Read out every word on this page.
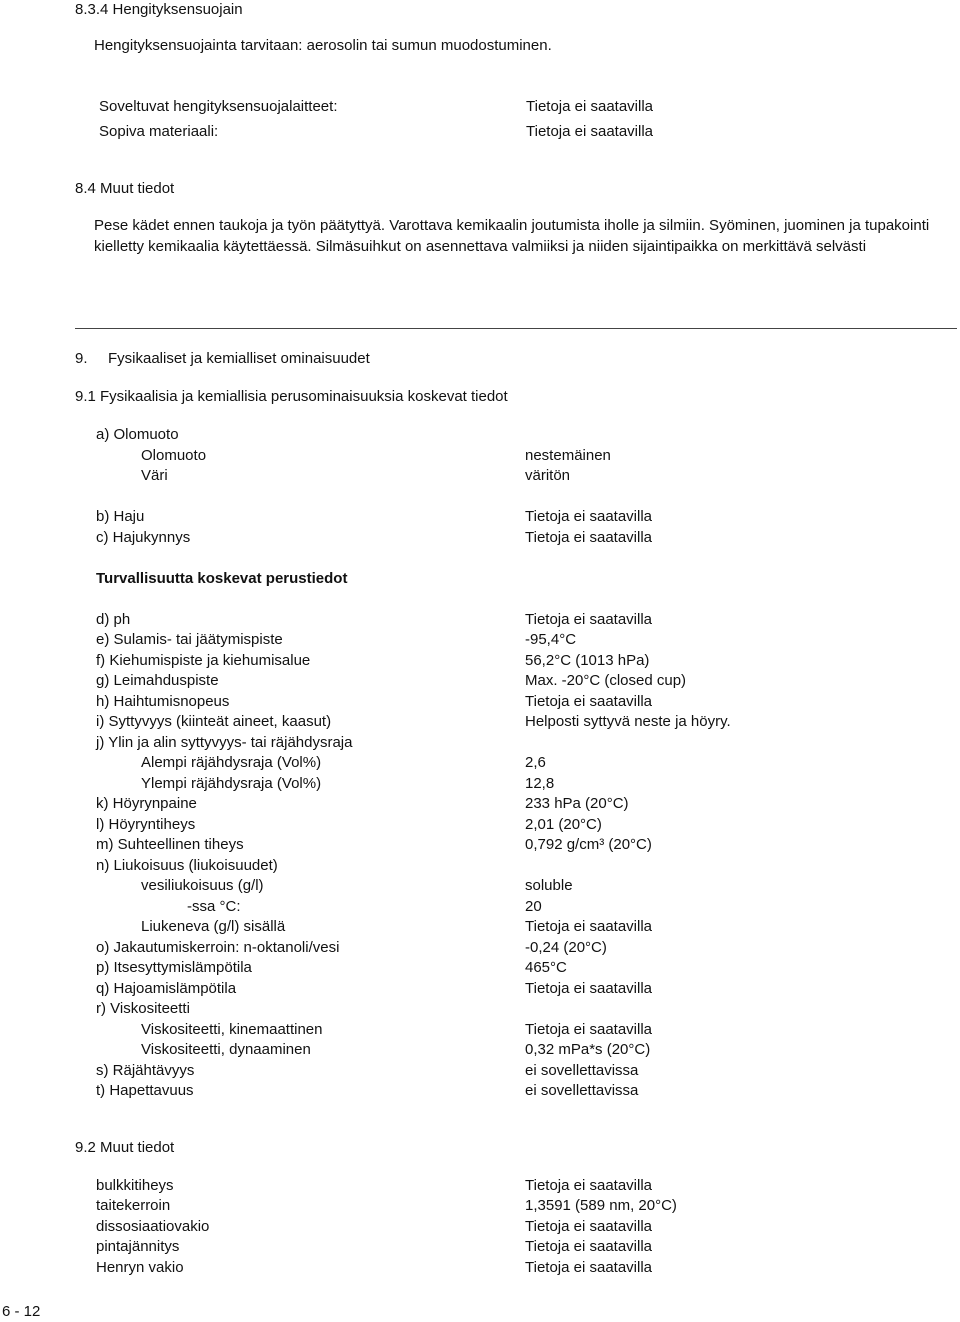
8.3.4 Hengityksensuojain
Hengityksensuojainta tarvitaan: aerosolin tai sumun muodostuminen.
Soveltuvat hengityksensuojalaitteet:	Tietoja ei saatavilla
Sopiva materiaali:	Tietoja ei saatavilla
8.4 Muut tiedot
Pese kädet ennen taukoja ja työn päätyttyä. Varottava kemikaalin joutumista iholle ja silmiin. Syöminen, juominen ja tupakointi kielletty kemikaalia käytettäessä. Silmäsuihkut on asennettava valmiiksi ja niiden sijaintipaikka on merkittävä selvästi
9. Fysikaaliset ja kemialliset ominaisuudet
9.1 Fysikaalisia ja kemiallisia perusominaisuuksia koskevat tiedot
a) Olomuoto
Olomuoto	nestemäinen
Väri	väritön
b) Haju	Tietoja ei saatavilla
c) Hajukynnys	Tietoja ei saatavilla
Turvallisuutta koskevat perustiedot
d) ph	Tietoja ei saatavilla
e) Sulamis- tai jäätymispiste	-95,4°C
f) Kiehumispiste ja kiehumisalue	56,2°C (1013 hPa)
g) Leimahduspiste	Max. -20°C (closed cup)
h) Haihtumisnopeus	Tietoja ei saatavilla
i) Syttyvyys (kiinteät aineet, kaasut)	Helposti syttyvä neste ja höyry.
j) Ylin ja alin syttyvyys- tai räjähdysraja
Alempi räjähdysraja (Vol%)	2,6
Ylempi räjähdysraja (Vol%)	12,8
k) Höyrynpaine	233 hPa (20°C)
l) Höyryntiheys	2,01 (20°C)
m) Suhteellinen tiheys	0,792 g/cm³ (20°C)
n) Liukoisuus (liukoisuudet)
vesiliukoisuus (g/l)	soluble
-ssa °C:	20
Liukeneva (g/l) sisällä	Tietoja ei saatavilla
o) Jakautumiskerroin: n-oktanoli/vesi	-0,24 (20°C)
p) Itsesyttymislämpötila	465°C
q) Hajoamislämpötila	Tietoja ei saatavilla
r) Viskositeetti
Viskositeetti, kinemaattinen	Tietoja ei saatavilla
Viskositeetti, dynaaminen	0,32 mPa*s (20°C)
s) Räjähtävyys	ei sovellettavissa
t) Hapettavuus	ei sovellettavissa
9.2 Muut tiedot
bulkkitiheys	Tietoja ei saatavilla
taitekerroin	1,3591 (589 nm, 20°C)
dissosiaatiovakio	Tietoja ei saatavilla
pintajännitys	Tietoja ei saatavilla
Henryn vakio	Tietoja ei saatavilla
6 - 12
